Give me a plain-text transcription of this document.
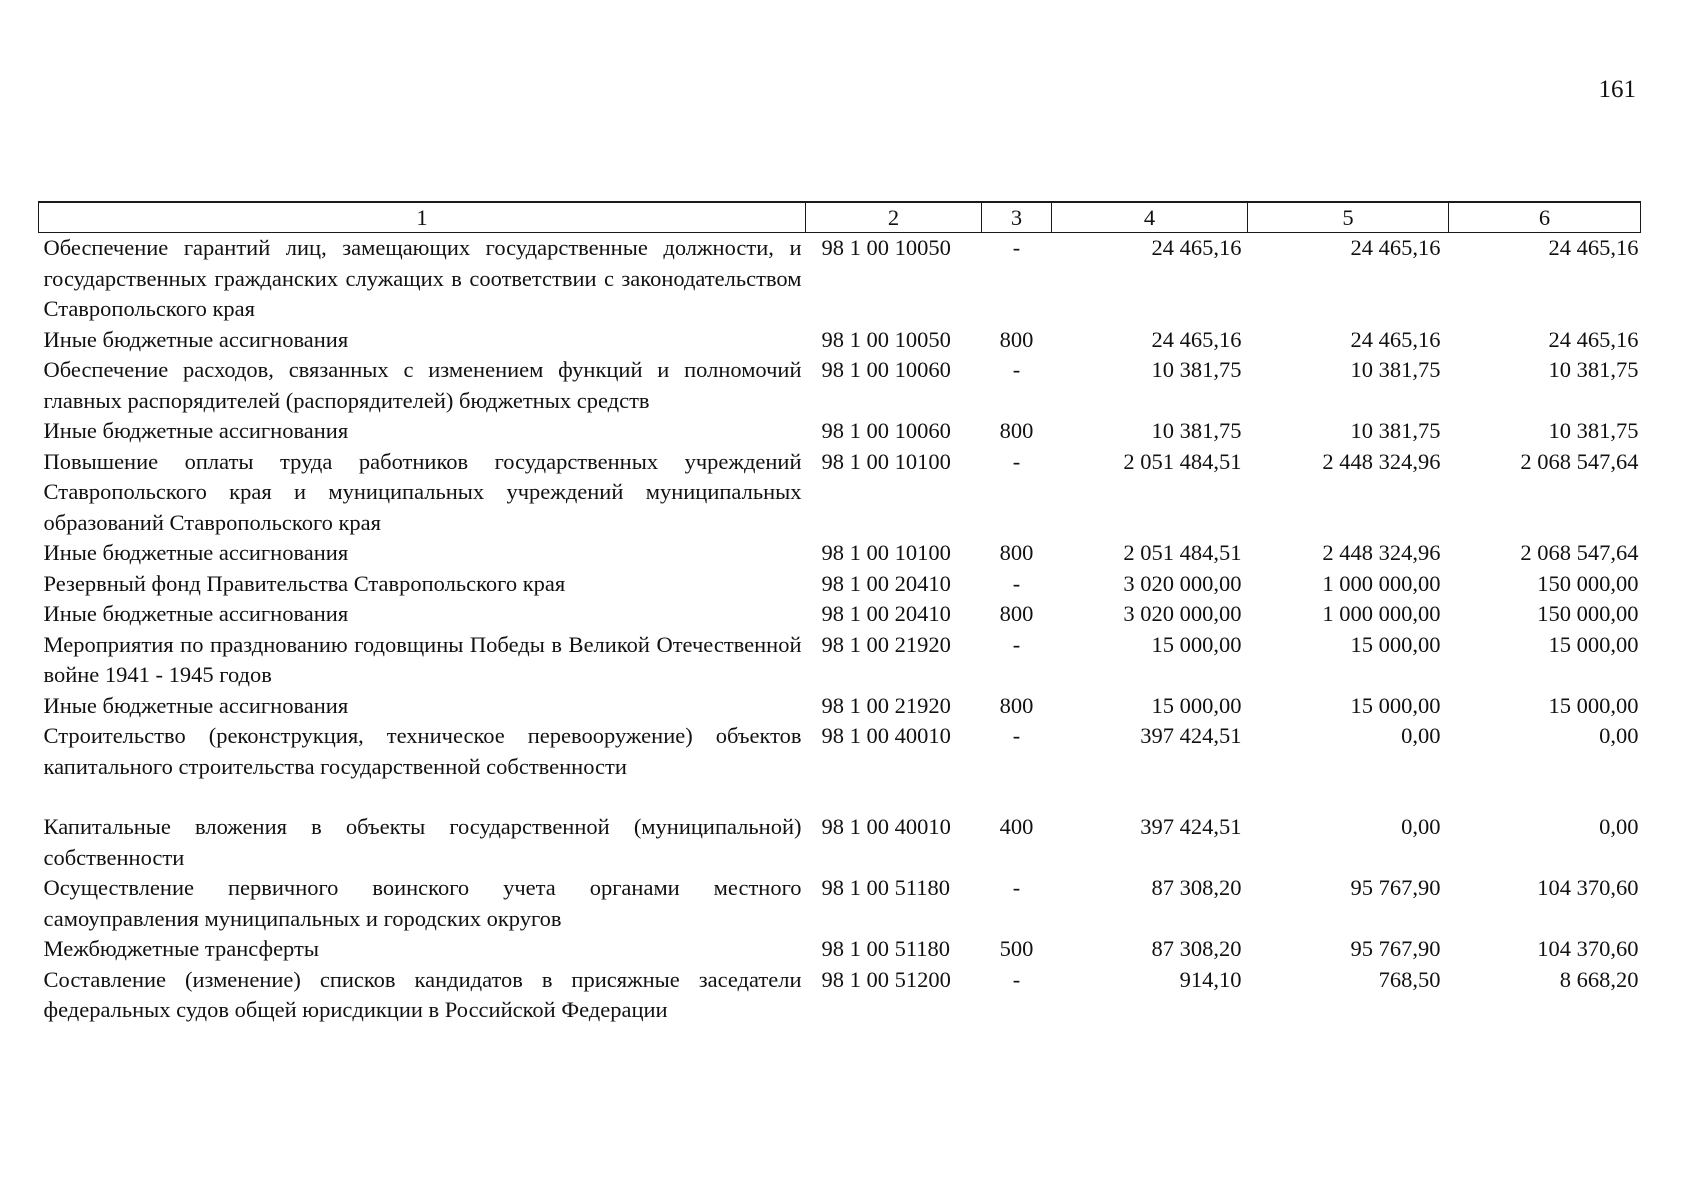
161
1	2	3	4	5	6
Обеспечение гарантий лиц, замещающих государственные должности, и государственных гражданских служащих в соответствии с законодательством Ставропольского края	98 1 00 10050	-	24 465,16	24 465,16	24 465,16
Иные бюджетные ассигнования	98 1 00 10050	800	24 465,16	24 465,16	24 465,16
Обеспечение расходов, связанных с изменением функций и полномочий главных распорядителей (распорядителей) бюджетных средств	98 1 00 10060	-	10 381,75	10 381,75	10 381,75
Иные бюджетные ассигнования	98 1 00 10060	800	10 381,75	10 381,75	10 381,75
Повышение оплаты труда работников государственных учреждений Ставропольского края и муниципальных учреждений муниципальных образований Ставропольского края	98 1 00 10100	-	2 051 484,51	2 448 324,96	2 068 547,64
Иные бюджетные ассигнования	98 1 00 10100	800	2 051 484,51	2 448 324,96	2 068 547,64
Резервный фонд Правительства Ставропольского края	98 1 00 20410	-	3 020 000,00	1 000 000,00	150 000,00
Иные бюджетные ассигнования	98 1 00 20410	800	3 020 000,00	1 000 000,00	150 000,00
Мероприятия по празднованию годовщины Победы в Великой Отечественной войне 1941 - 1945 годов	98 1 00 21920	-	15 000,00	15 000,00	15 000,00
Иные бюджетные ассигнования	98 1 00 21920	800	15 000,00	15 000,00	15 000,00
Строительство (реконструкция, техническое перевооружение) объектов капитального строительства государственной собственности	98 1 00 40010	-	397 424,51	0,00	0,00
Капитальные вложения в объекты государственной (муниципальной) собственности	98 1 00 40010	400	397 424,51	0,00	0,00
Осуществление первичного воинского учета органами местного самоуправления муниципальных и городских округов	98 1 00 51180	-	87 308,20	95 767,90	104 370,60
Межбюджетные трансферты	98 1 00 51180	500	87 308,20	95 767,90	104 370,60
Составление (изменение) списков кандидатов в присяжные заседатели федеральных судов общей юрисдикции в Российской Федерации	98 1 00 51200	-	914,10	768,50	8 668,20
